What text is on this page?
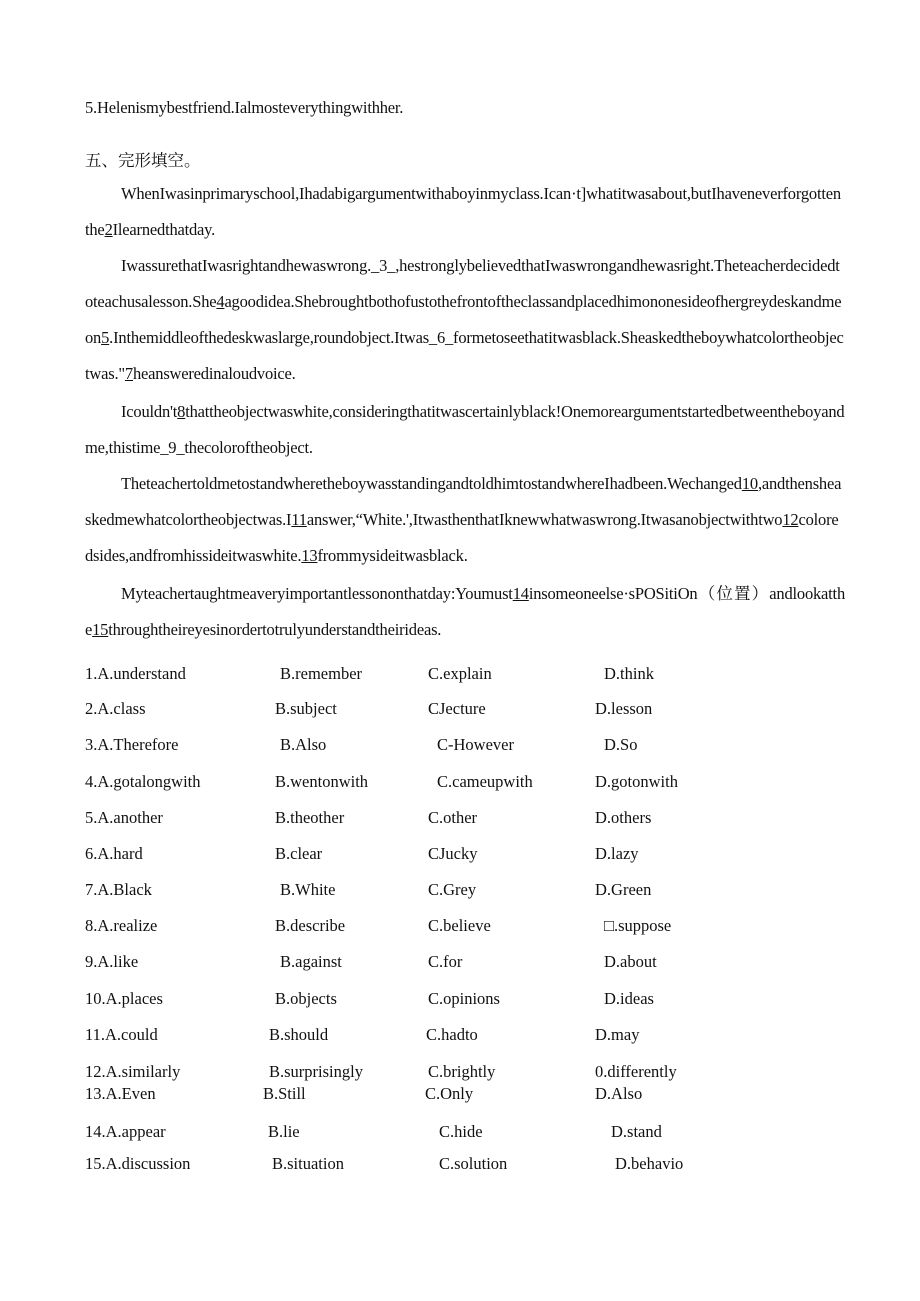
5.Helenismybestfriend.Ialmosteverythingwithher.
五、完形填空。
WhenIwasinprimaryschool,Ihadabigargumentwithaboyinmyclass.Ican·t]whatitwasabout,butIhaveneverforgottenthe2Ilearnedthatday.
IwassurethatIwasrightandhewaswrong._3_,hestronglybelievedthatIwaswrongandhewasright.Theteacherdecidedtoteachusalesson.She4agoodidea.Shebroughtbothofustothefrontoftheclassandplacedhimononesideofhergreydeskandmeon5.Inthemiddleofthedeskwaslarge,roundobject.Itwas_6_formetoseethatitwasblack.Sheaskedtheboywhatcolortheobjectwas."7heansweredinaloudvoice.
Icouldn't8thattheobjectwaswhite,consideringthatitwascertainlyblack!Onemoreargumentstartedbetweentheboyandme,thistime_9_thecoloroftheobject.
TheteachertoldmetostandwheretheboywasstandingandtoldhimtostandwhereIhadbeen.Wechanged10,andthensheaskedmewhatcolortheobjectwas.I11answer,“White.',ItwasthenthatIknewwhatwaswrong.Itwasanobjectwithtwo12coloredsides,andfromhissideitwaswhite.13frommysideitwasblack.
Myteachertaughtmeaveryimportantlessononthatday:Youmust14insomeoneelse·sPOSitiOn（位置）andlookatthe15throughtheireyesinordertotrulyunderstandtheirideas.
1.A.understand	B.remember	C.explain	D.think
2.A.class	B.subject	CJecture	D.lesson
3.A.Therefore	B.Also	C-However	D.So
4.A.gotalongwith	B.wentonwith	C.cameupwith	D.gotonwith
5.A.another	B.theother	C.other	D.others
6.A.hard	B.clear	CJucky	D.lazy
7.A.Black	B.White	C.Grey	D.Green
8.A.realize	B.describe	C.believe	□.suppose
9.A.like	B.against	C.for	D.about
10.A.places	B.objects	C.opinions	D.ideas
11.A.could	B.should	C.hadto	D.may
12.A.similarly	B.surprisingly	C.brightly	0.differently
13.A.Even	B.Still	C.Only	D.Also
14.A.appear	B.lie	C.hide	D.stand
15.A.discussion	B.situation	C.solution	D.behavio
